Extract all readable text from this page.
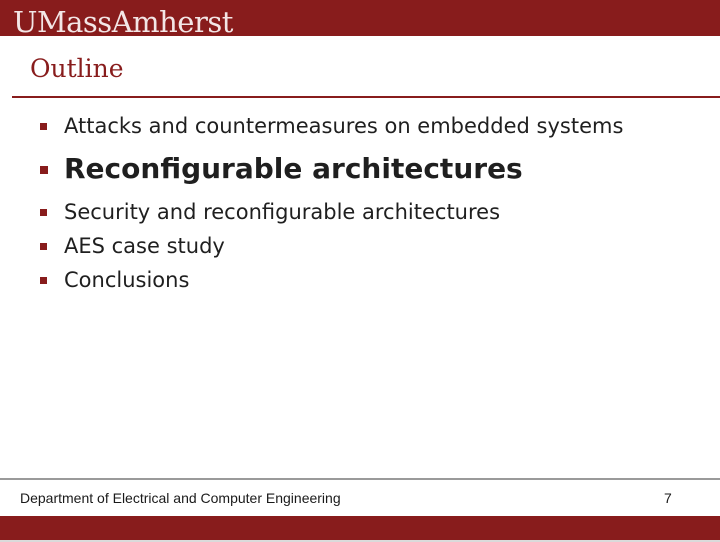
UMassAmherst
Outline
Attacks and countermeasures on embedded systems
Reconfigurable architectures
Security and reconfigurable architectures
AES case study
Conclusions
Department of Electrical and Computer Engineering	7
